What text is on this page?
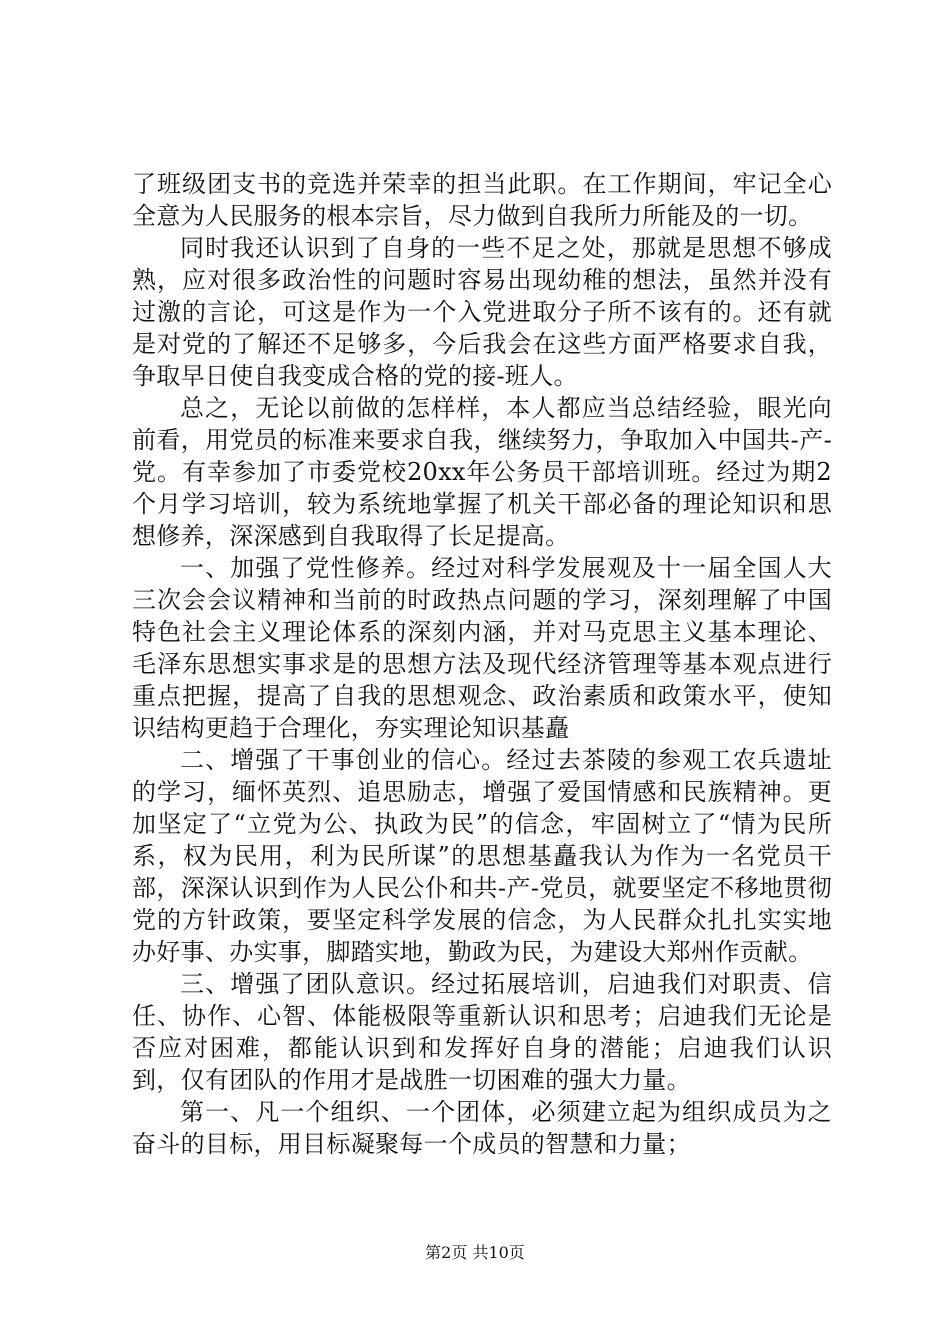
了班级团支书的竞选并荣幸的担当此职。在工作期间，牢记全心全意为人民服务的根本宗旨，尽力做到自我所力所能及的一切。

同时我还认识到了自身的一些不足之处，那就是思想不够成熟，应对很多政治性的问题时容易出现幼稚的想法，虽然并没有过激的言论，可这是作为一个入党进取分子所不该有的。还有就是对党的了解还不足够多，今后我会在这些方面严格要求自我，争取早日使自我变成合格的党的接-班人。

总之，无论以前做的怎样样，本人都应当总结经验，眼光向前看，用党员的标准来要求自我，继续努力，争取加入中国共-产-党。有幸参加了市委党校20xx年公务员干部培训班。经过为期2个月学习培训，较为系统地掌握了机关干部必备的理论知识和思想修养，深深感到自我取得了长足提高。

一、加强了党性修养。经过对科学发展观及十一届全国人大三次会会议精神和当前的时政热点问题的学习，深刻理解了中国特色社会主义理论体系的深刻内涵，并对马克思主义基本理论、毛泽东思想实事求是的思想方法及现代经济管理等基本观点进行重点把握，提高了自我的思想观念、政治素质和政策水平，使知识结构更趋于合理化，夯实理论知识基矗

二、增强了干事创业的信心。经过去茶陵的参观工农兵遗址的学习，缅怀英烈、追思励志，增强了爱国情感和民族精神。更加坚定了“立党为公、执政为民”的信念，牢固树立了“情为民所系，权为民用，利为民所谋”的思想基矗我认为作为一名党员干部，深深认识到作为人民公仆和共-产-党员，就要坚定不移地贯彻党的方针政策，要坚定科学发展的信念，为人民群众扎扎实实地办好事、办实事，脚踏实地，勤政为民，为建设大郑州作贡献。

三、增强了团队意识。经过拓展培训，启迪我们对职责、信任、协作、心智、体能极限等重新认识和思考；启迪我们无论是否应对困难，都能认识到和发挥好自身的潜能；启迪我们认识到，仅有团队的作用才是战胜一切困难的强大力量。

第一、凡一个组织、一个团体，必须建立起为组织成员为之奋斗的目标，用目标凝聚每一个成员的智慧和力量；

第2页 共10页
